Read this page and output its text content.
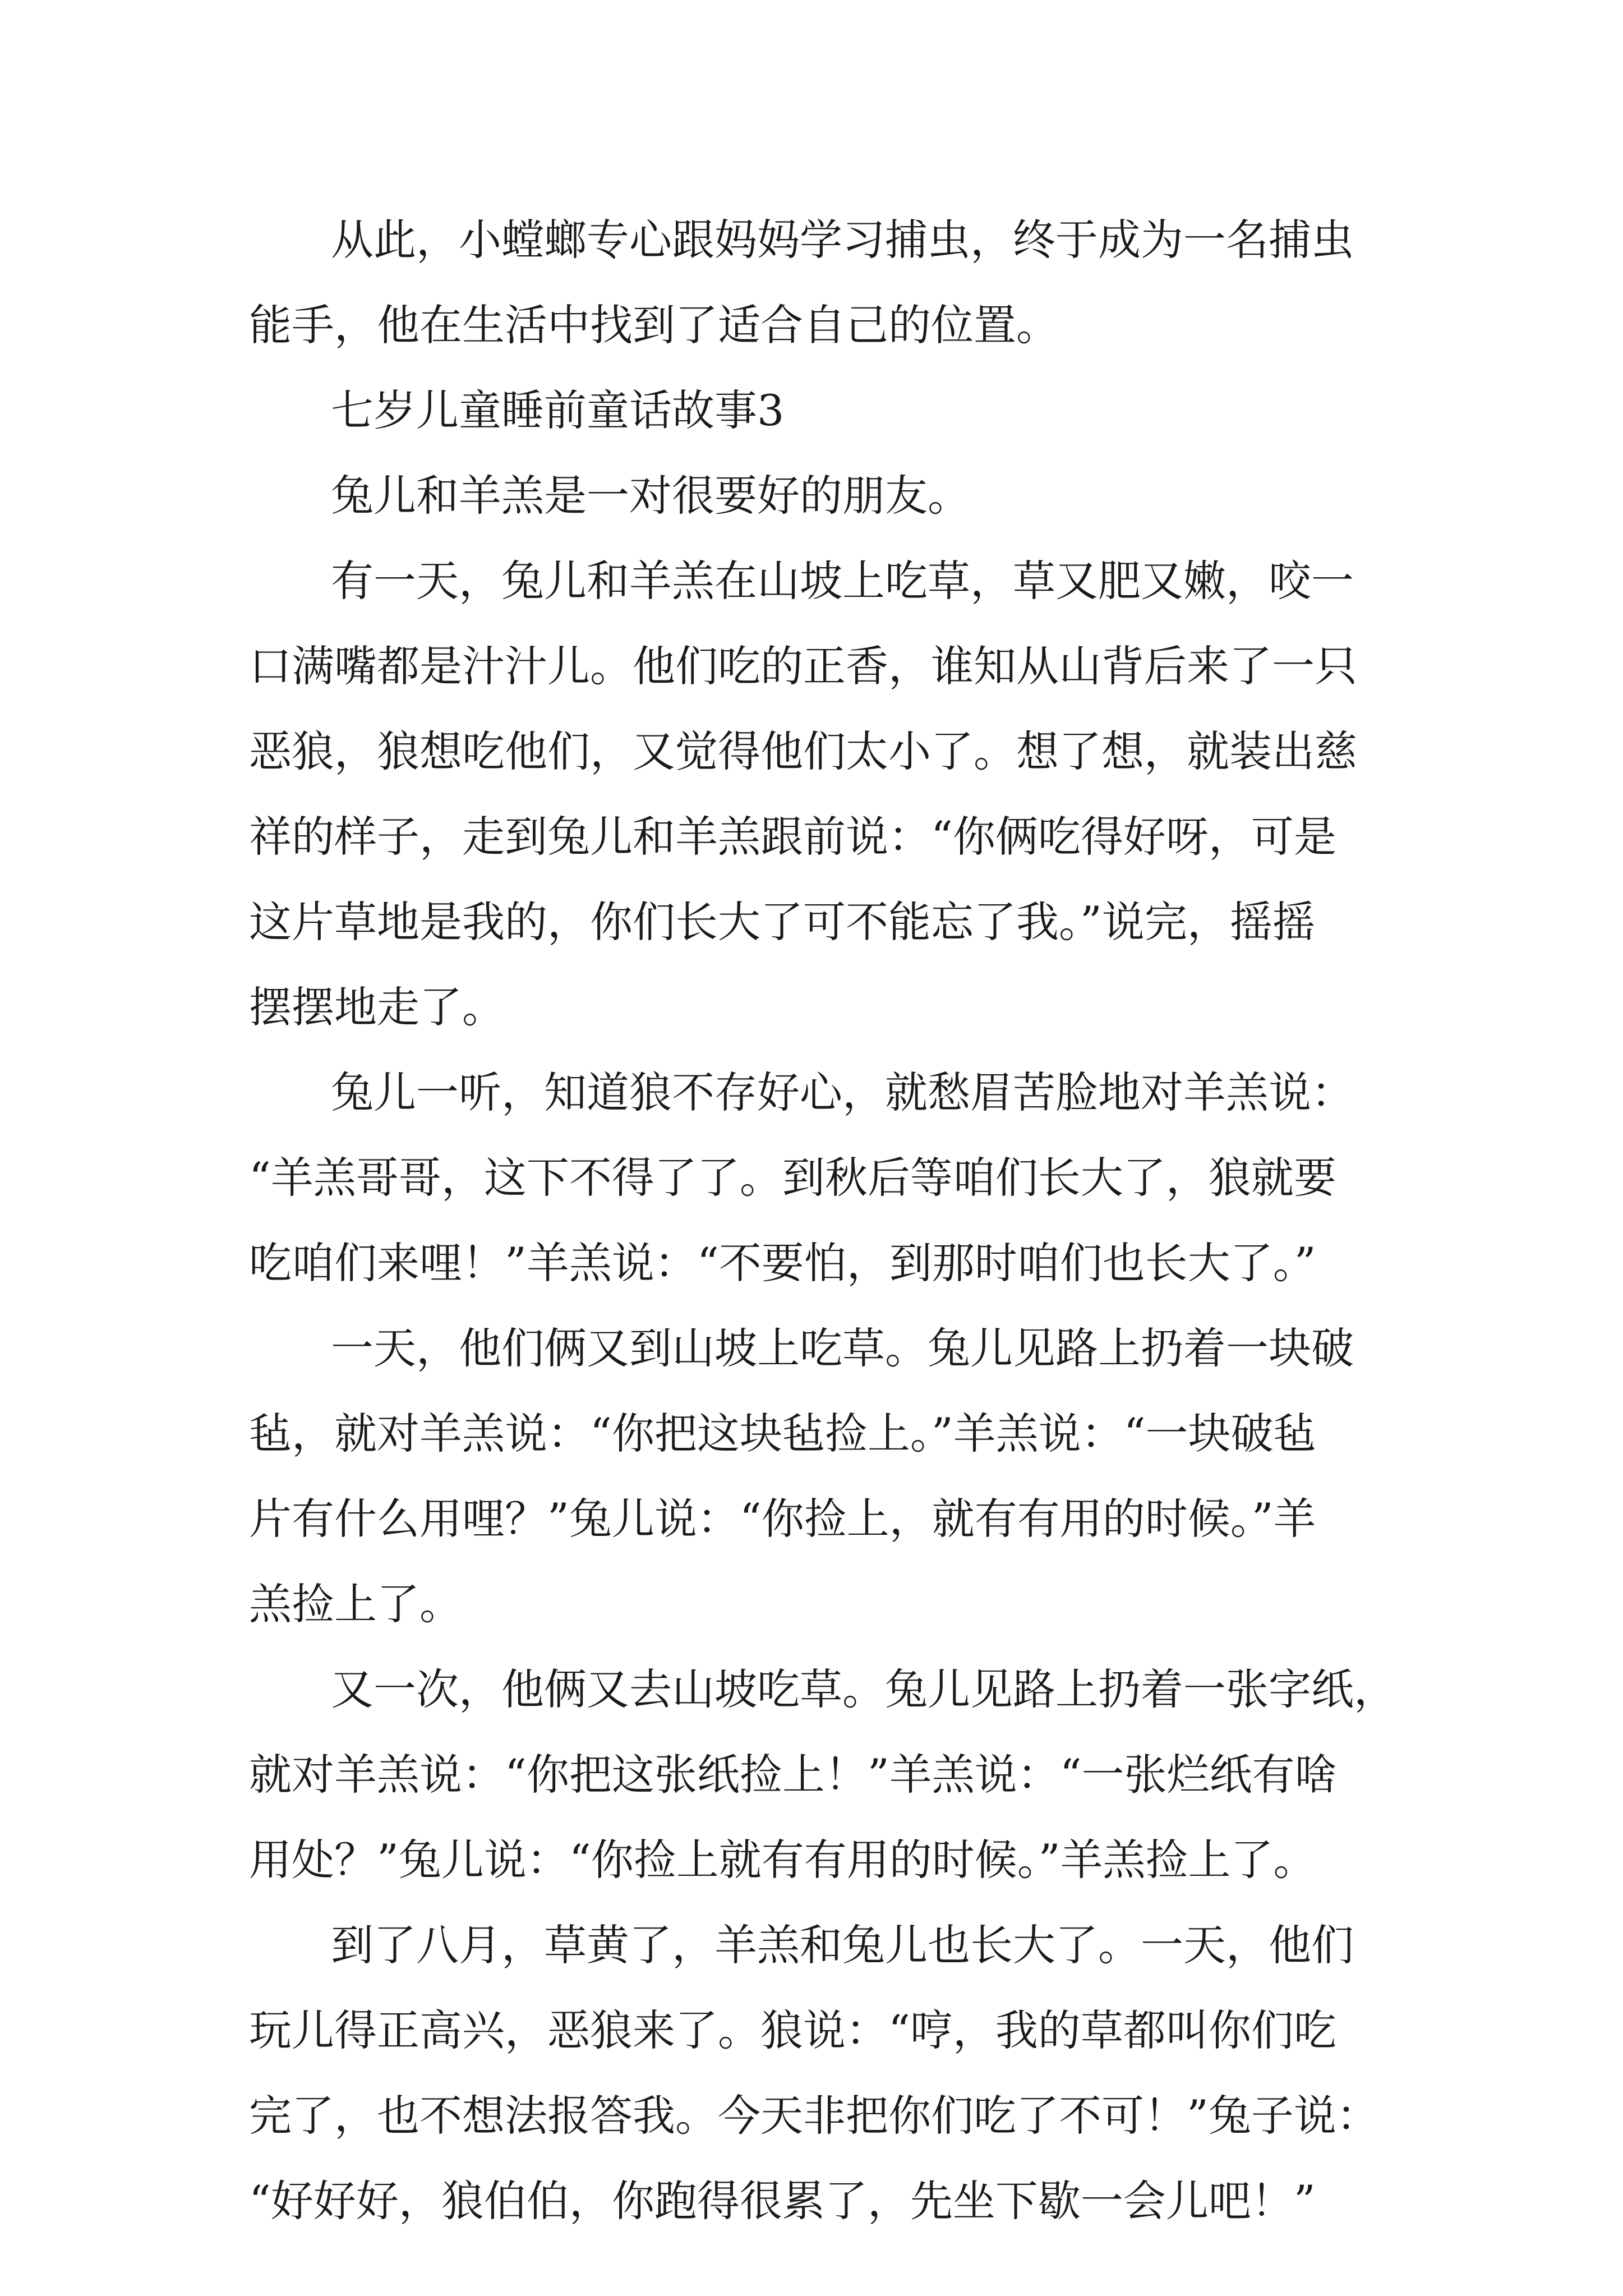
从此，小螳螂专心跟妈妈学习捕虫，终于成为一名捕虫

能手，他在生活中找到了适合自己的位置。

七岁儿童睡前童话故事3

兔儿和羊羔是一对很要好的朋友。

有一天，兔儿和羊羔在山坡上吃草，草又肥又嫩，咬一

口满嘴都是汁汁儿。他们吃的正香，谁知从山背后来了一只

恶狼，狼想吃他们，又觉得他们太小了。想了想，就装出慈

祥的样子，走到兔儿和羊羔跟前说：“你俩吃得好呀，可是

这片草地是我的，你们长大了可不能忘了我。”说完，摇摇

摆摆地走了。

兔儿一听，知道狼不存好心，就愁眉苦脸地对羊羔说：

“羊羔哥哥，这下不得了了。到秋后等咱们长大了，狼就要

吃咱们来哩！”羊羔说：“不要怕，到那时咱们也长大了。”

一天，他们俩又到山坡上吃草。兔儿见路上扔着一块破

毡，就对羊羔说：“你把这块毡捡上。”羊羔说：“一块破毡

片有什么用哩？”兔儿说：“你捡上，就有有用的时候。”羊

羔捡上了。

又一次，他俩又去山坡吃草。兔儿见路上扔着一张字纸，

就对羊羔说：“你把这张纸捡上！”羊羔说：“一张烂纸有啥

用处？”兔儿说：“你捡上就有有用的时候。”羊羔捡上了。

到了八月，草黄了，羊羔和兔儿也长大了。一天，他们

玩儿得正高兴，恶狼来了。狼说：“哼，我的草都叫你们吃

完了，也不想法报答我。今天非把你们吃了不可！”兔子说：

“好好好，狼伯伯，你跑得很累了，先坐下歇一会儿吧！”
